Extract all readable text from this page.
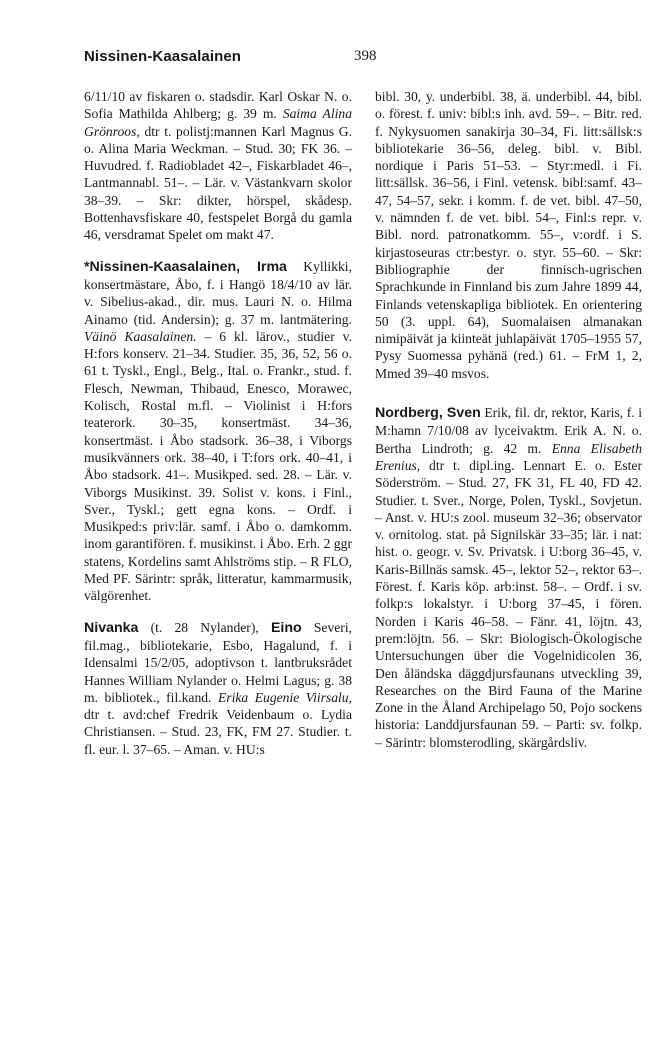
Nissinen-Kaasalainen	398

6/11/10 av fiskaren o. stadsdir. Karl Oskar N. o. Sofia Mathilda Ahlberg; g. 39 m. Saima Alina Grönroos, dtr t. polistj:mannen Karl Magnus G. o. Alina Maria Weckman. – Stud. 30; FK 36. – Huvudred. f. Radiobladet 42–, Fiskarbladet 46–, Lantmannabl. 51–. – Lär. v. Västankvarn skolor 38–39. – Skr: dikter, hörspel, skådesp. Bottenhavsfiskare 40, festspelet Borgå du gamla 46, versdramat Spelet om makt 47.

*Nissinen-Kaasalainen, Irma Kyllikki, konsertmästare, Åbo, f. i Hangö 18/4/10 av lär. v. Sibelius-akad., dir. mus. Lauri N. o. Hilma Ainamo (tid. Andersin); g. 37 m. lantmätering. Väinö Kaasalainen. – 6 kl. lärov., studier v. H:fors konserv. 21–34. Studier. 35, 36, 52, 56 o. 61 t. Tyskl., Engl., Belg., Ital. o. Frankr., stud. f. Flesch, Newman, Thibaud, Enesco, Morawec, Kolisch, Rostal m.fl. – Violinist i H:fors teaterork. 30–35, konsertmäst. 34–36, konsertmäst. i Åbo stadsork. 36–38, i Viborgs musikvänners ork. 38–40, i T:fors ork. 40–41, i Åbo stadsork. 41–. Musikped. sed. 28. – Lär. v. Viborgs Musikinst. 39. Solist v. kons. i Finl., Sver., Tyskl.; gett egna kons. – Ordf. i Musikped:s priv:lär. samf. i Åbo o. damkomm. inom garantifören. f. musikinst. i Åbo. Erh. 2 ggr statens, Kordelins samt Ahlströms stip. – R FLO, Med PF. Särintr: språk, litteratur, kammarmusik, välgörenhet.

Nivanka (t. 28 Nylander), Eino Severi, fil.mag., bibliotekarie, Esbo, Hagalund, f. i Idensalmi 15/2/05, adoptivson t. lantbruksrådet Hannes William Nylander o. Helmi Lagus; g. 38 m. bibliotek., fil.kand. Erika Eugenie Viirsalu, dtr t. avd:chef Fredrik Veidenbaum o. Lydia Christiansen. – Stud. 23, FK, FM 27. Studier. t. fl. eur. l. 37–65. – Aman. v. HU:s

bibl. 30, y. underbibl. 38, ä. underbibl. 44, bibl. o. förest. f. univ: bibl:s inh. avd. 59–. – Bitr. red. f. Nykysuomen sanakirja 30–34, Fi. litt:sällsk:s bibliotekarie 36–56, deleg. bibl. v. Bibl. nordique i Paris 51–53. – Styr:medl. i Fi. litt:sällsk. 36–56, i Finl. vetensk. bibl:samf. 43–47, 54–57, sekr. i komm. f. de vet. bibl. 47–50, v. nämnden f. de vet. bibl. 54–, Finl:s repr. v. Bibl. nord. patronatkomm. 55–, v:ordf. i S. kirjastoseuras ctr:bestyr. o. styr. 55–60. – Skr: Bibliographie der finnisch-ugrischen Sprachkunde in Finnland bis zum Jahre 1899 44, Finlands vetenskapliga bibliotek. En orientering 50 (3. uppl. 64), Suomalaisen almanakan nimipäivät ja kiinteät juhlapäivät 1705–1955 57, Pysy Suomessa pyhänä (red.) 61. – FrM 1, 2, Mmed 39–40 msvos.

Nordberg, Sven Erik, fil. dr, rektor, Karis, f. i M:hamn 7/10/08 av lyceivaktm. Erik A. N. o. Bertha Lindroth; g. 42 m. Enna Elisabeth Erenius, dtr t. dipl.ing. Lennart E. o. Ester Söderström. – Stud. 27, FK 31, FL 40, FD 42. Studier. t. Sver., Norge, Polen, Tyskl., Sovjetun. – Anst. v. HU:s zool. museum 32–36; observator v. ornitolog. stat. på Signilskär 33–35; lär. i nat: hist. o. geogr. v. Sv. Privatsk. i U:borg 36–45, v. Karis-Billnäs samsk. 45–, lektor 52–, rektor 63–. Förest. f. Karis köp. arb:inst. 58–. – Ordf. i sv. folkp:s lokalstyr. i U:borg 37–45, i fören. Norden i Karis 46–58. – Fänr. 41, löjtn. 43, prem:löjtn. 56. – Skr: Biologisch-Ökologische Untersuchungen über die Vogelnidicolen 36, Den åländska däggdjursfaunans utveckling 39, Researches on the Bird Fauna of the Marine Zone in the Åland Archipelago 50, Pojo sockens historia: Landdjursfaunan 59. – Parti: sv. folkp. – Särintr: blomsterodling, skärgårdsliv.
